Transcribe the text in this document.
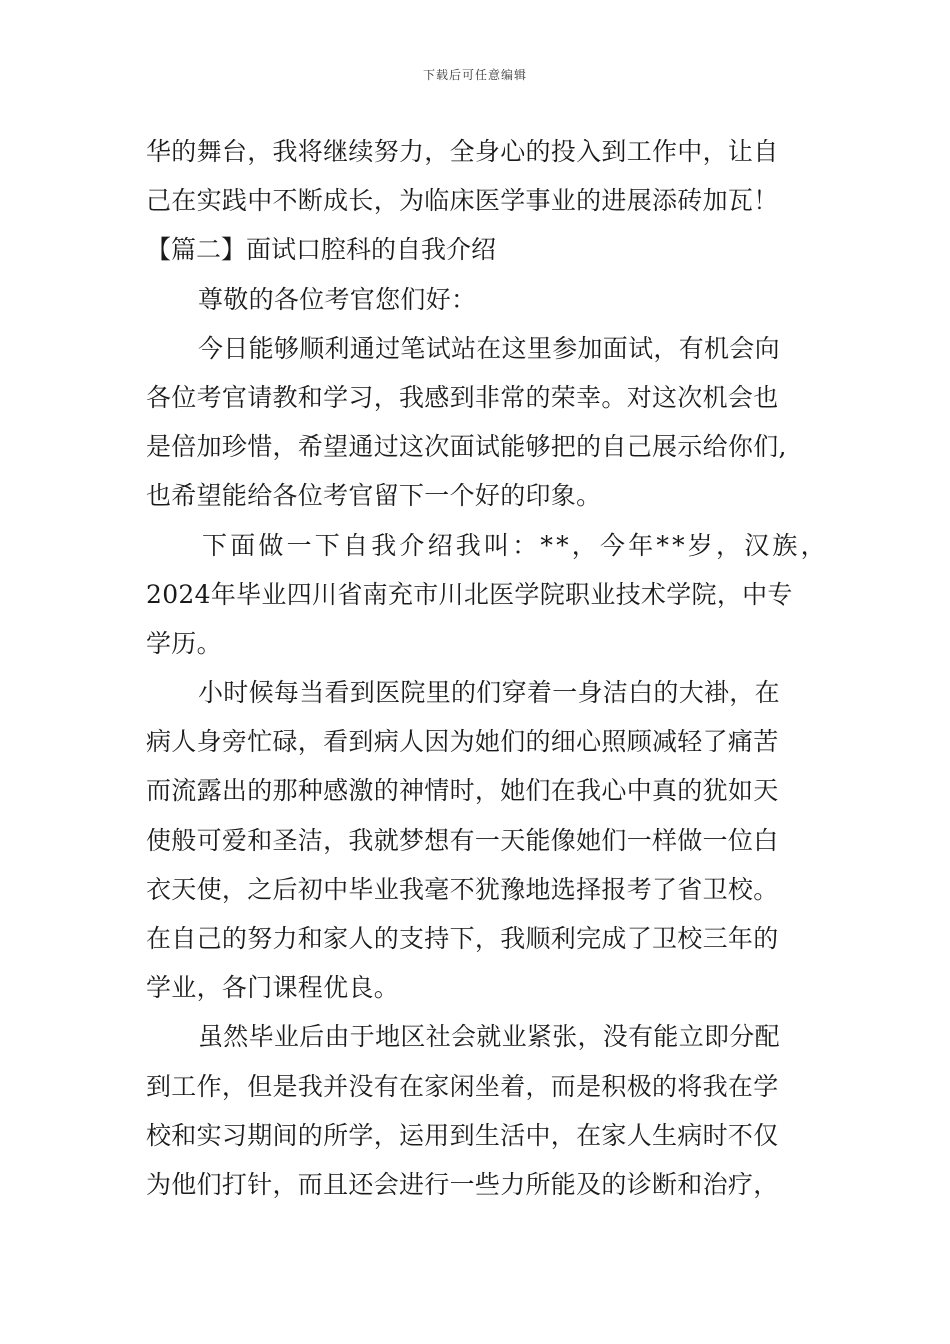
下载后可任意编辑
华的舞台，我将继续努力，全身心的投入到工作中，让自
己在实践中不断成长，为临床医学事业的进展添砖加瓦！
【篇二】面试口腔科的自我介绍
尊敬的各位考官您们好：
今日能够顺利通过笔试站在这里参加面试，有机会向
各位考官请教和学习，我感到非常的荣幸。对这次机会也
是倍加珍惜，希望通过这次面试能够把的自己展示给你们,
也希望能给各位考官留下一个好的印象。
下面做一下自我介绍我叫：**，今年**岁，汉族，
2024年毕业四川省南充市川北医学院职业技术学院，中专
学历。
小时候每当看到医院里的们穿着一身洁白的大褂，在
病人身旁忙碌，看到病人因为她们的细心照顾减轻了痛苦
而流露出的那种感激的神情时，她们在我心中真的犹如天
使般可爱和圣洁，我就梦想有一天能像她们一样做一位白
衣天使，之后初中毕业我毫不犹豫地选择报考了省卫校。
在自己的努力和家人的支持下，我顺利完成了卫校三年的
学业，各门课程优良。
虽然毕业后由于地区社会就业紧张，没有能立即分配
到工作，但是我并没有在家闲坐着，而是积极的将我在学
校和实习期间的所学，运用到生活中，在家人生病时不仅
为他们打针，而且还会进行一些力所能及的诊断和治疗，
